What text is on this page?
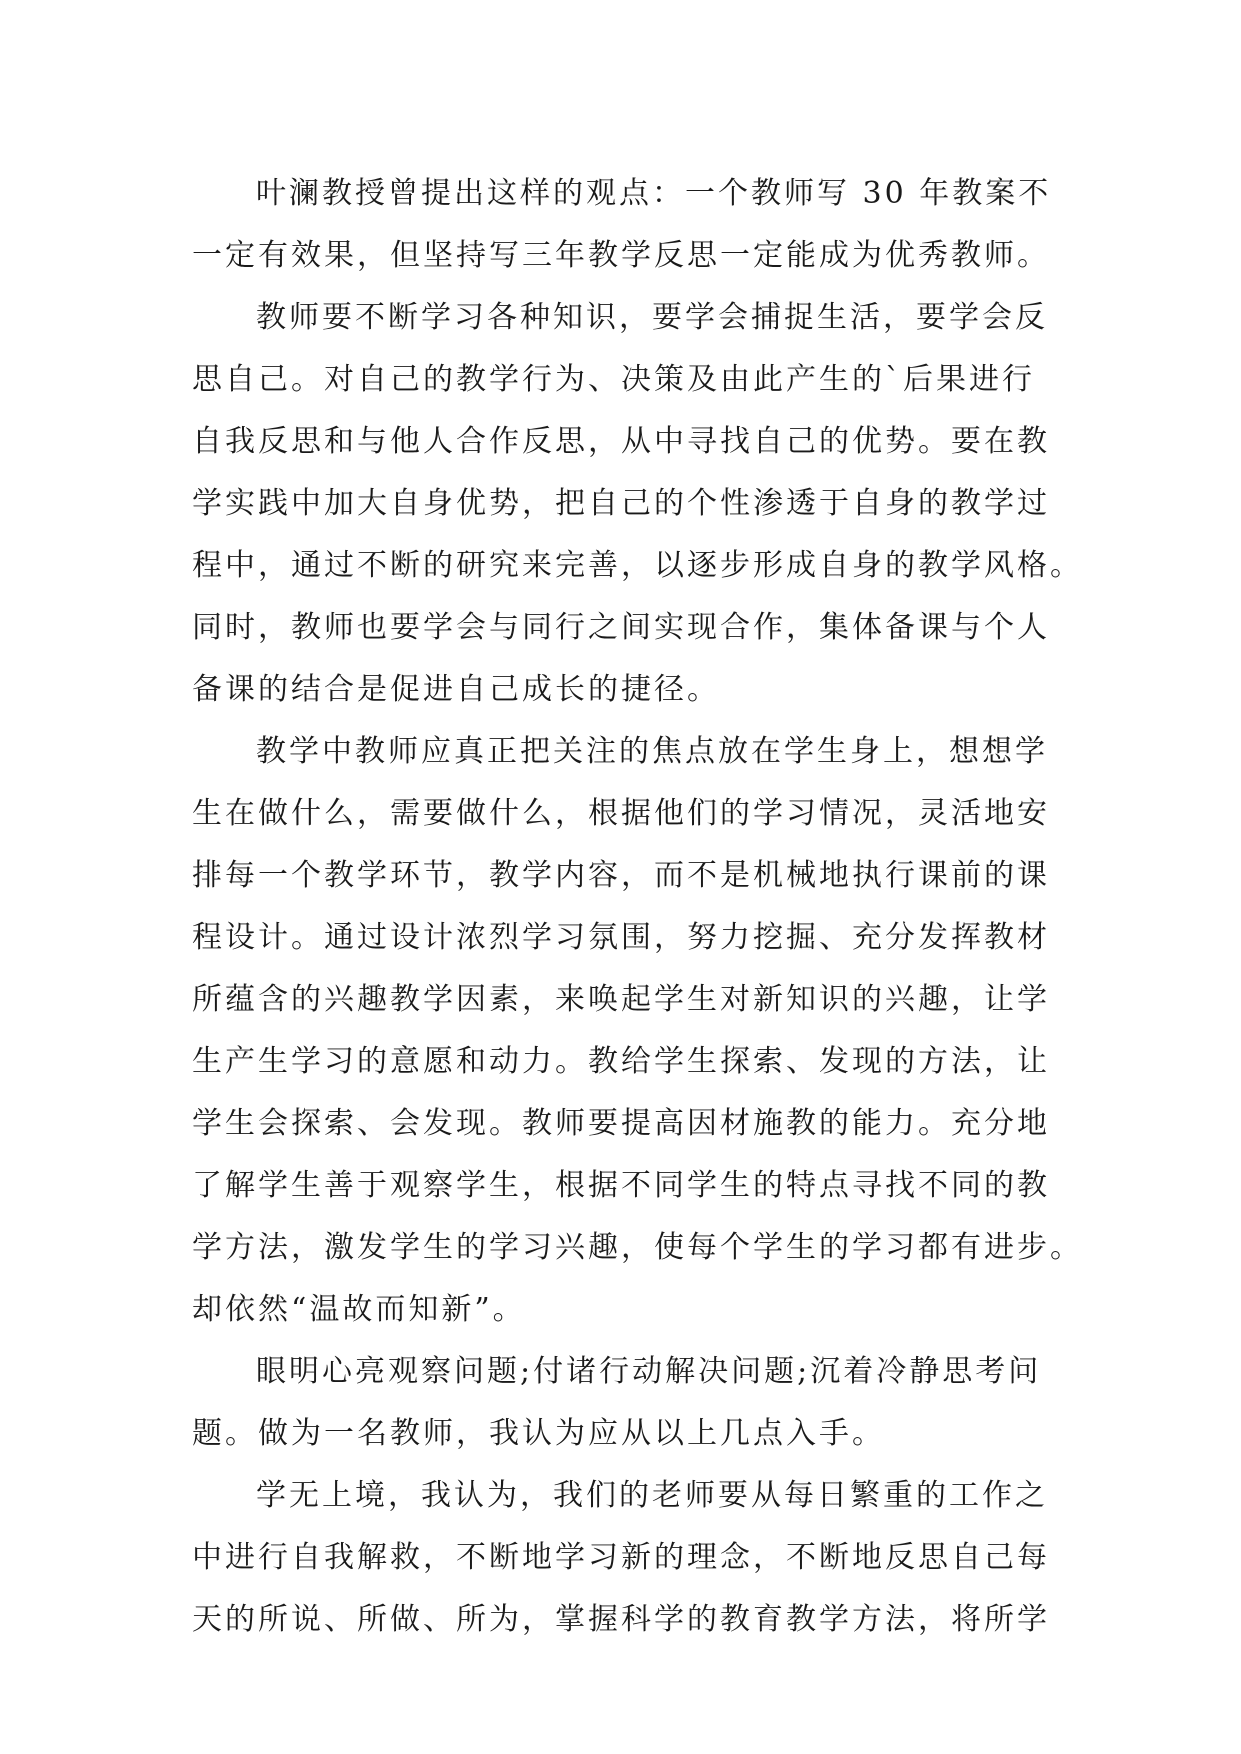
叶澜教授曾提出这样的观点：一个教师写 30 年教案不
一定有效果，但坚持写三年教学反思一定能成为优秀教师。
教师要不断学习各种知识，要学会捕捉生活，要学会反
思自己。对自己的教学行为、决策及由此产生的`后果进行
自我反思和与他人合作反思，从中寻找自己的优势。要在教
学实践中加大自身优势，把自己的个性渗透于自身的教学过
程中，通过不断的研究来完善，以逐步形成自身的教学风格。
同时，教师也要学会与同行之间实现合作，集体备课与个人
备课的结合是促进自己成长的捷径。
教学中教师应真正把关注的焦点放在学生身上，想想学
生在做什么，需要做什么，根据他们的学习情况，灵活地安
排每一个教学环节，教学内容，而不是机械地执行课前的课
程设计。通过设计浓烈学习氛围，努力挖掘、充分发挥教材
所蕴含的兴趣教学因素，来唤起学生对新知识的兴趣，让学
生产生学习的意愿和动力。教给学生探索、发现的方法，让
学生会探索、会发现。教师要提高因材施教的能力。充分地
了解学生善于观察学生，根据不同学生的特点寻找不同的教
学方法，激发学生的学习兴趣，使每个学生的学习都有进步。
却依然“温故而知新”。
眼明心亮观察问题;付诸行动解决问题;沉着冷静思考问
题。做为一名教师，我认为应从以上几点入手。
学无上境，我认为，我们的老师要从每日繁重的工作之
中进行自我解救，不断地学习新的理念，不断地反思自己每
天的所说、所做、所为，掌握科学的教育教学方法，将所学
